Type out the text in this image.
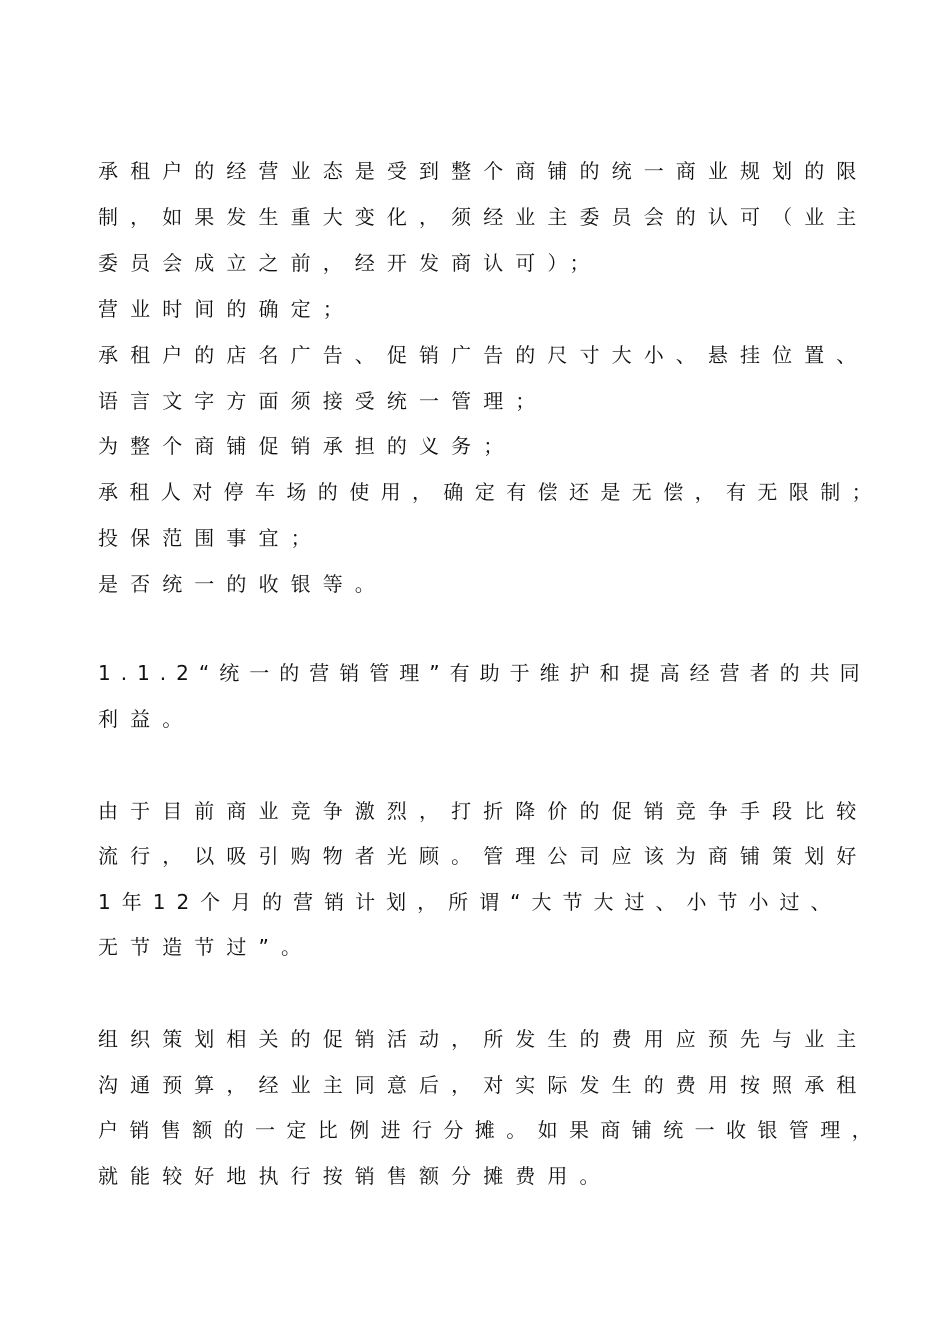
承租户的经营业态是受到整个商铺的统一商业规划的限
制，如果发生重大变化，须经业主委员会的认可（业主
委员会成立之前，经开发商认可）；
营业时间的确定；
承租户的店名广告、促销广告的尺寸大小、悬挂位置、
语言文字方面须接受统一管理；
为整个商铺促销承担的义务；
承租人对停车场的使用，确定有偿还是无偿，有无限制；
投保范围事宜；
是否统一的收银等。
1.1.2“统一的营销管理”有助于维护和提高经营者的共同
利益。
由于目前商业竞争激烈，打折降价的促销竞争手段比较
流行，以吸引购物者光顾。管理公司应该为商铺策划好
1年12个月的营销计划，所谓“大节大过、小节小过、
无节造节过”。
组织策划相关的促销活动，所发生的费用应预先与业主
沟通预算，经业主同意后，对实际发生的费用按照承租
户销售额的一定比例进行分摊。如果商铺统一收银管理，
就能较好地执行按销售额分摊费用。
